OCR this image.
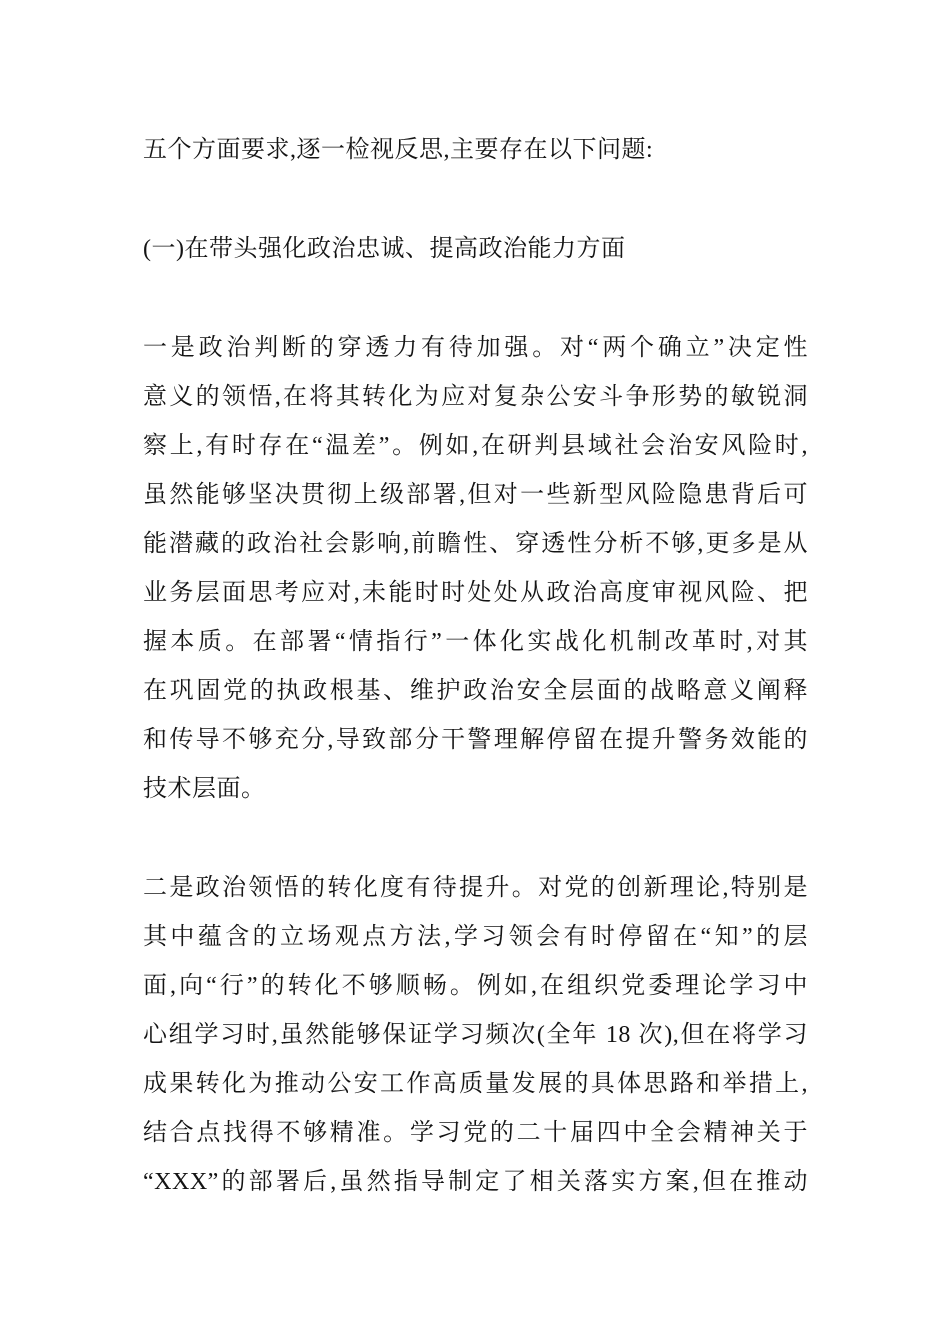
五个方面要求,逐一检视反思,主要存在以下问题:
(一)在带头强化政治忠诚、提高政治能力方面
一是政治判断的穿透力有待加强。对“两个确立”决定性
意义的领悟,在将其转化为应对复杂公安斗争形势的敏锐洞
察上,有时存在“温差”。例如,在研判县域社会治安风险时,
虽然能够坚决贯彻上级部署,但对一些新型风险隐患背后可
能潜藏的政治社会影响,前瞻性、穿透性分析不够,更多是从
业务层面思考应对,未能时时处处从政治高度审视风险、把
握本质。在部署“情指行”一体化实战化机制改革时,对其
在巩固党的执政根基、维护政治安全层面的战略意义阐释
和传导不够充分,导致部分干警理解停留在提升警务效能的
技术层面。
二是政治领悟的转化度有待提升。对党的创新理论,特别是
其中蕴含的立场观点方法,学习领会有时停留在“知”的层
面,向“行”的转化不够顺畅。例如,在组织党委理论学习中
心组学习时,虽然能够保证学习频次(全年 18 次),但在将学习
成果转化为推动公安工作高质量发展的具体思路和举措上,
结合点找得不够精准。学习党的二十届四中全会精神关于
“XXX”的部署后,虽然指导制定了相关落实方案,但在推动
